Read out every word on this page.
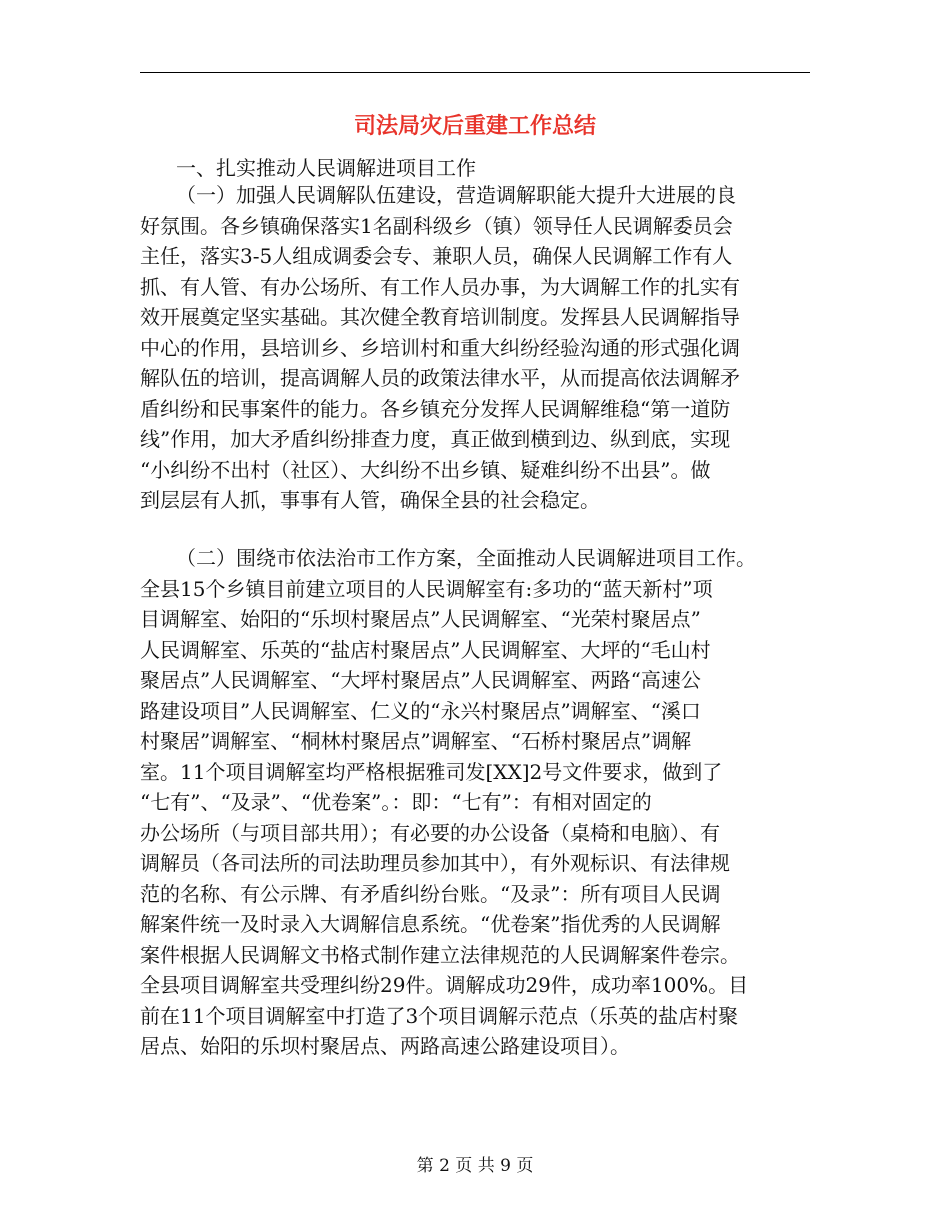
司法局灾后重建工作总结

一、扎实推动人民调解进项目工作

（一）加强人民调解队伍建设，营造调解职能大提升大进展的良
好氛围。各乡镇确保落实1名副科级乡（镇）领导任人民调解委员会
主任，落实3-5人组成调委会专、兼职人员，确保人民调解工作有人
抓、有人管、有办公场所、有工作人员办事，为大调解工作的扎实有
效开展奠定坚实基础。其次健全教育培训制度。发挥县人民调解指导
中心的作用，县培训乡、乡培训村和重大纠纷经验沟通的形式强化调
解队伍的培训，提高调解人员的政策法律水平，从而提高依法调解矛
盾纠纷和民事案件的能力。各乡镇充分发挥人民调解维稳“第一道防
线”作用，加大矛盾纠纷排查力度，真正做到横到边、纵到底，实现
“小纠纷不出村（社区）、大纠纷不出乡镇、疑难纠纷不出县”。做
到层层有人抓，事事有人管，确保全县的社会稳定。
（二）围绕市依法治市工作方案，全面推动人民调解进项目工作。
全县15个乡镇目前建立项目的人民调解室有:多功的“蓝天新村”项
目调解室、始阳的“乐坝村聚居点”人民调解室、“光荣村聚居点”
人民调解室、乐英的“盐店村聚居点”人民调解室、大坪的“毛山村
聚居点”人民调解室、“大坪村聚居点”人民调解室、两路“高速公
路建设项目”人民调解室、仁义的“永兴村聚居点”调解室、“溪口
村聚居”调解室、“桐林村聚居点”调解室、“石桥村聚居点”调解
室。11个项目调解室均严格根据雅司发[XX]2号文件要求，做到了
“七有”、“及录”、“优卷案”。：即：“七有”：有相对固定的
办公场所（与项目部共用）；有必要的办公设备（桌椅和电脑）、有
调解员（各司法所的司法助理员参加其中），有外观标识、有法律规
范的名称、有公示牌、有矛盾纠纷台账。“及录”：所有项目人民调
解案件统一及时录入大调解信息系统。“优卷案”指优秀的人民调解
案件根据人民调解文书格式制作建立法律规范的人民调解案件卷宗。
全县项目调解室共受理纠纷29件。调解成功29件，成功率100%。目
前在11个项目调解室中打造了3个项目调解示范点（乐英的盐店村聚
居点、始阳的乐坝村聚居点、两路高速公路建设项目）。
第 2 页 共 9 页
